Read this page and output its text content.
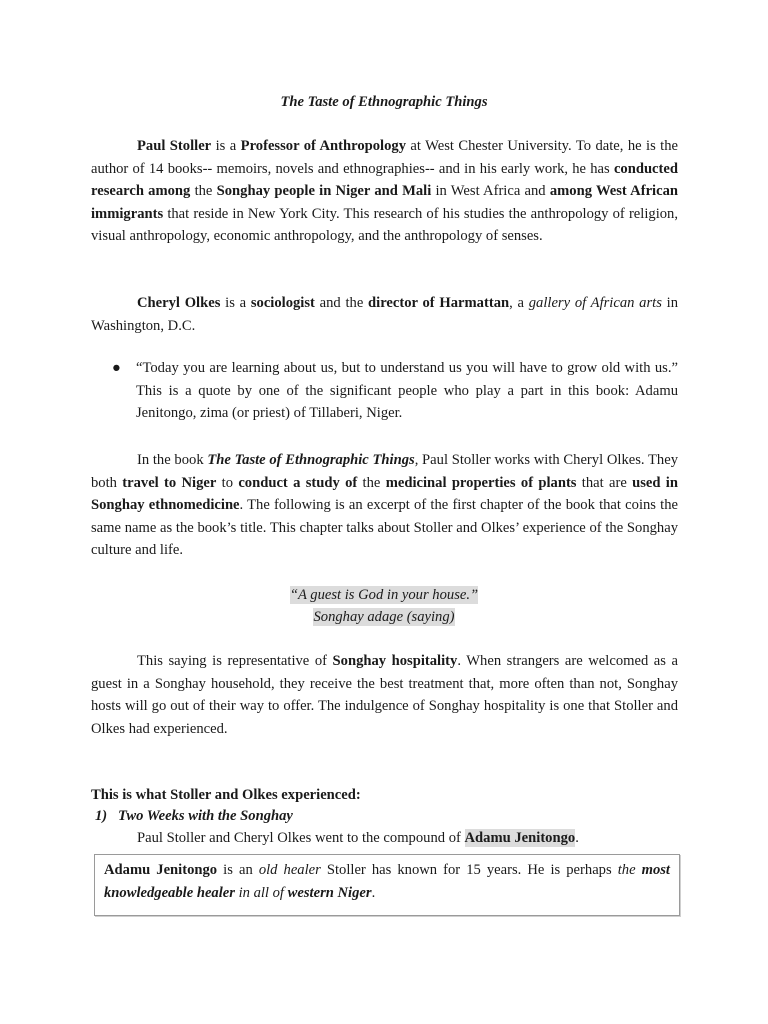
The Taste of Ethnographic Things

Paul Stoller is a Professor of Anthropology at West Chester University. To date, he is the author of 14 books-- memoirs, novels and ethnographies-- and in his early work, he has conducted research among the Songhay people in Niger and Mali in West Africa and among West African immigrants that reside in New York City. This research of his studies the anthropology of religion, visual anthropology, economic anthropology, and the anthropology of senses.

Cheryl Olkes is a sociologist and the director of Harmattan, a gallery of African arts in Washington, D.C.

● “Today you are learning about us, but to understand us you will have to grow old with us.” This is a quote by one of the significant people who play a part in this book: Adamu Jenitongo, zima (or priest) of Tillaberi, Niger.

In the book The Taste of Ethnographic Things, Paul Stoller works with Cheryl Olkes. They both travel to Niger to conduct a study of the medicinal properties of plants that are used in Songhay ethnomedicine. The following is an excerpt of the first chapter of the book that coins the same name as the book’s title. This chapter talks about Stoller and Olkes’ experience of the Songhay culture and life.

“A guest is God in your house.”
Songhay adage (saying)

This saying is representative of Songhay hospitality. When strangers are welcomed as a guest in a Songhay household, they receive the best treatment that, more often than not, Songhay hosts will go out of their way to offer. The indulgence of Songhay hospitality is one that Stoller and Olkes had experienced.

This is what Stoller and Olkes experienced:
1) Two Weeks with the Songhay
Paul Stoller and Cheryl Olkes went to the compound of Adamu Jenitongo.

Adamu Jenitongo is an old healer Stoller has known for 15 years. He is perhaps the most knowledgeable healer in all of western Niger.
